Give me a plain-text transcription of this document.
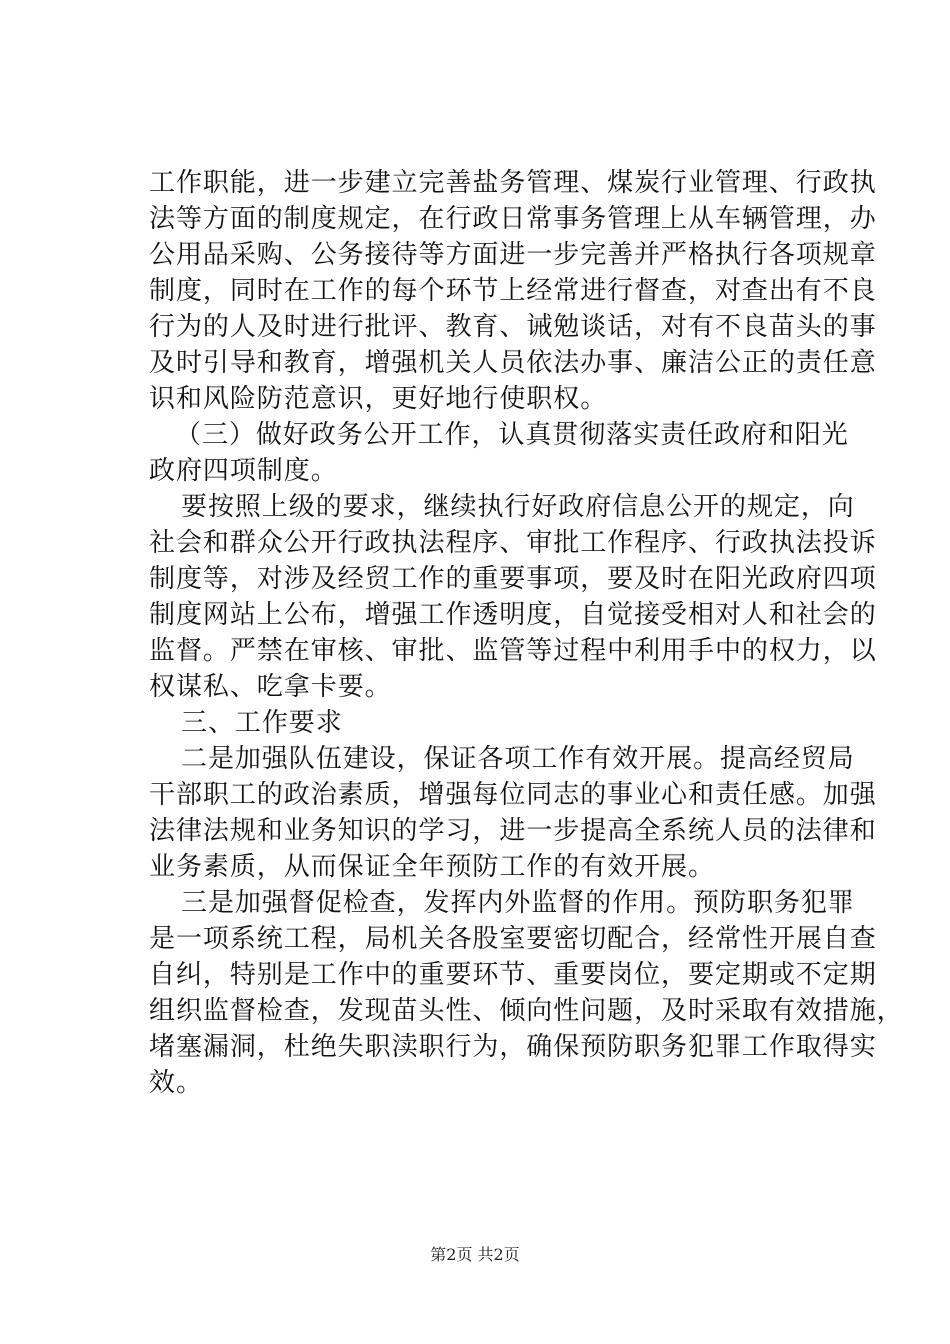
工作职能，进一步建立完善盐务管理、煤炭行业管理、行政执
法等方面的制度规定，在行政日常事务管理上从车辆管理，办
公用品采购、公务接待等方面进一步完善并严格执行各项规章
制度，同时在工作的每个环节上经常进行督查，对查出有不良
行为的人及时进行批评、教育、诫勉谈话，对有不良苗头的事
及时引导和教育，增强机关人员依法办事、廉洁公正的责任意
识和风险防范意识，更好地行使职权。
（三）做好政务公开工作，认真贯彻落实责任政府和阳光
政府四项制度。
要按照上级的要求，继续执行好政府信息公开的规定，向
社会和群众公开行政执法程序、审批工作程序、行政执法投诉
制度等，对涉及经贸工作的重要事项，要及时在阳光政府四项
制度网站上公布，增强工作透明度，自觉接受相对人和社会的
监督。严禁在审核、审批、监管等过程中利用手中的权力，以
权谋私、吃拿卡要。
三、工作要求
二是加强队伍建设，保证各项工作有效开展。提高经贸局
干部职工的政治素质，增强每位同志的事业心和责任感。加强
法律法规和业务知识的学习，进一步提高全系统人员的法律和
业务素质，从而保证全年预防工作的有效开展。
三是加强督促检查，发挥内外监督的作用。预防职务犯罪
是一项系统工程，局机关各股室要密切配合，经常性开展自查
自纠，特别是工作中的重要环节、重要岗位，要定期或不定期
组织监督检查，发现苗头性、倾向性问题，及时采取有效措施，
堵塞漏洞，杜绝失职渎职行为，确保预防职务犯罪工作取得实
效。
第2页 共2页
